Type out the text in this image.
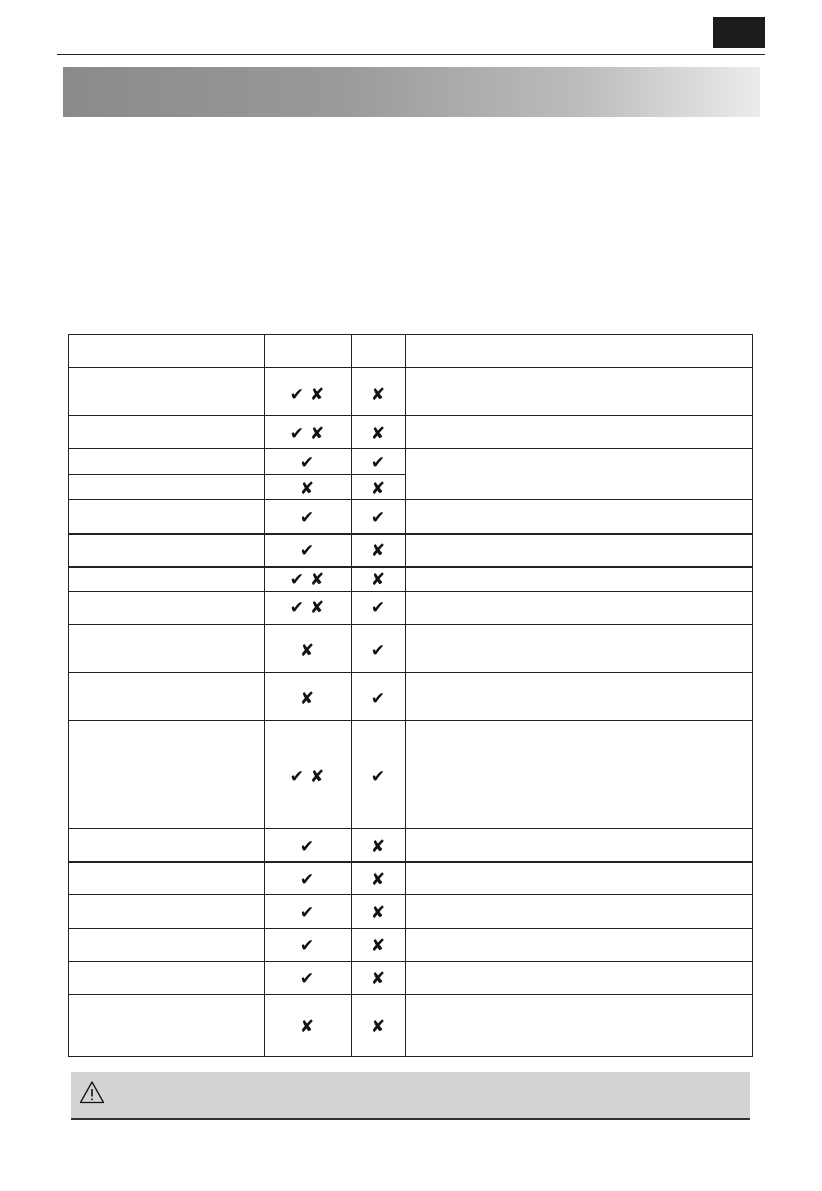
✔ ✘	✘
✔ ✘	✘
✔	✔
✘	✘
✔	✔
✔	✘
✔ ✘	✘
✔ ✘	✔
✘	✔
✘	✔
✔ ✘	✔
✔	✘
✔	✘
✔	✘
✔	✘
✔	✘
✘	✘
